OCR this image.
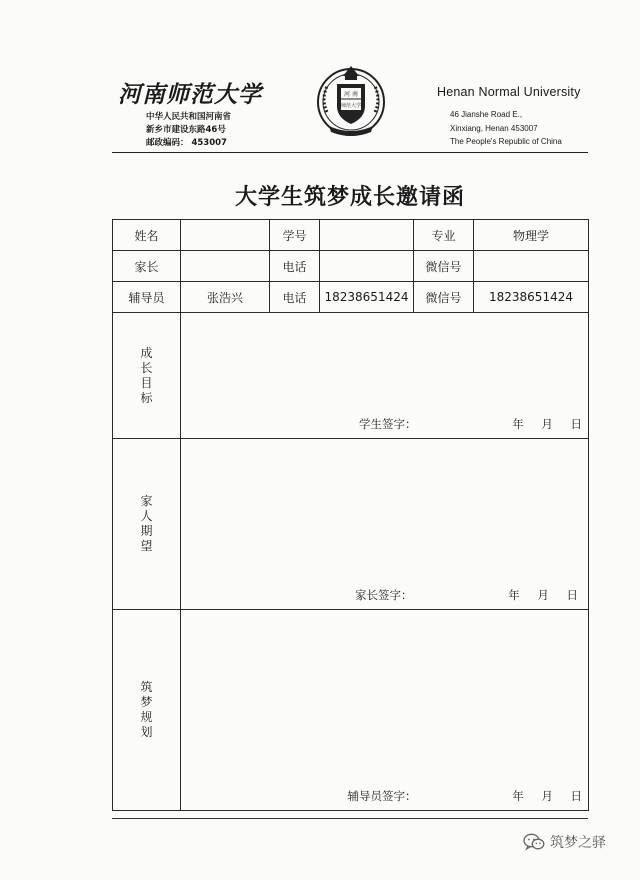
河南师范大学
中华人民共和国河南省
新乡市建设东路46号
邮政编码： 453007
河 南
师范大学
Henan Normal University
46 Jianshe Road E.,
Xinxiang, Henan 453007
The People's Republic of China
大学生筑梦成长邀请函
姓名		学号		专业	物理学
家长		电话		微信号	
辅导员	张浩兴	电话	18238651424	微信号	18238651424
成长目标	学生签字： 年 月 日				

家人期望	家长签字： 年 月 日				

筑梦规划	辅导员签字： 年 月 日				
筑梦之驿
